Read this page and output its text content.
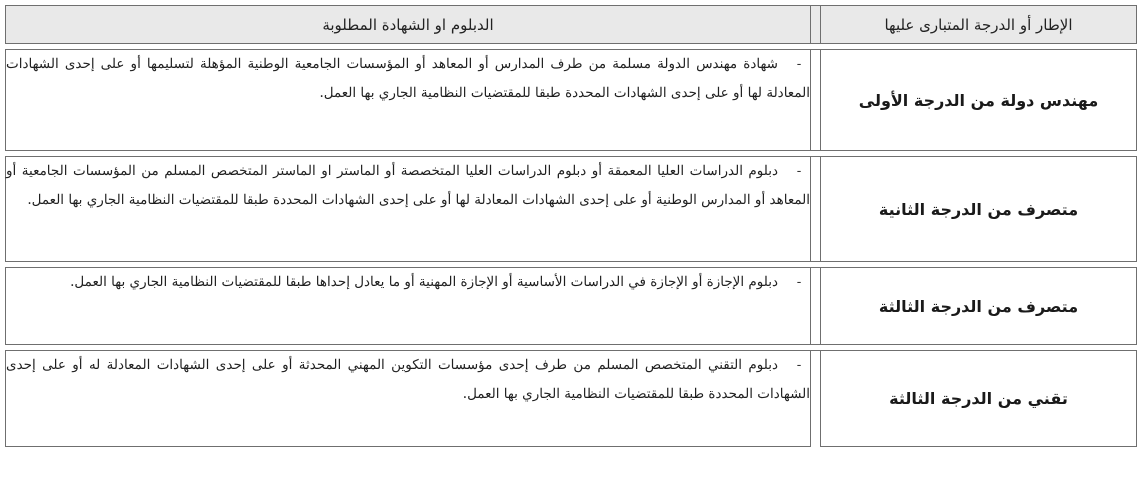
الإطار أو الدرجة المتبارى عليها		الدبلوم او الشهادة المطلوبة

مهندس دولة من الدرجة الأولى		-شهادة مهندس الدولة مسلمة من طرف المدارس أو المعاهد أو المؤسسات الجامعية الوطنية المؤهلة لتسليمها أو على إحدى الشهادات المعادلة لها أو على إحدى الشهادات المحددة طبقا للمقتضيات النظامية الجاري بها العمل.

متصرف من الدرجة الثانية		-دبلوم الدراسات العليا المعمقة أو دبلوم الدراسات العليا المتخصصة أو الماستر او الماستر المتخصص المسلم من المؤسسات الجامعية أو المعاهد أو المدارس الوطنية أو على إحدى الشهادات المعادلة لها أو على إحدى الشهادات المحددة طبقا للمقتضيات النظامية الجاري بها العمل.

متصرف من الدرجة الثالثة		-دبلوم الإجازة أو الإجازة في الدراسات الأساسية أو الإجازة المهنية أو ما يعادل إحداها طبقا للمقتضيات النظامية الجاري بها العمل.

تقني من الدرجة الثالثة		-دبلوم التقني المتخصص المسلم من طرف إحدى مؤسسات التكوين المهني المحدثة أو على إحدى الشهادات المعادلة له أو على إحدى الشهادات المحددة طبقا للمقتضيات النظامية الجاري بها العمل.
